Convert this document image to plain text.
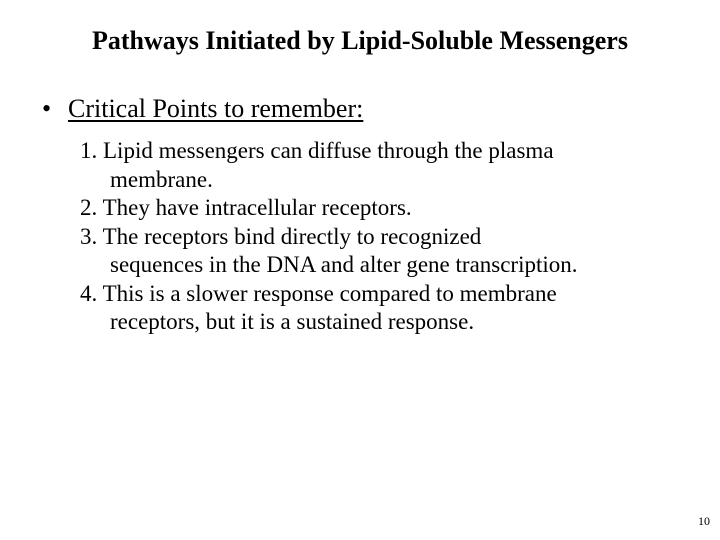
Pathways Initiated by Lipid-Soluble Messengers
• Critical Points to remember:
1. Lipid messengers can diffuse through the plasma
membrane.
2. They have intracellular receptors.
3. The receptors bind directly to recognized
sequences in the DNA and alter gene transcription.
4. This is a slower response compared to membrane
receptors, but it is a sustained response.
10
